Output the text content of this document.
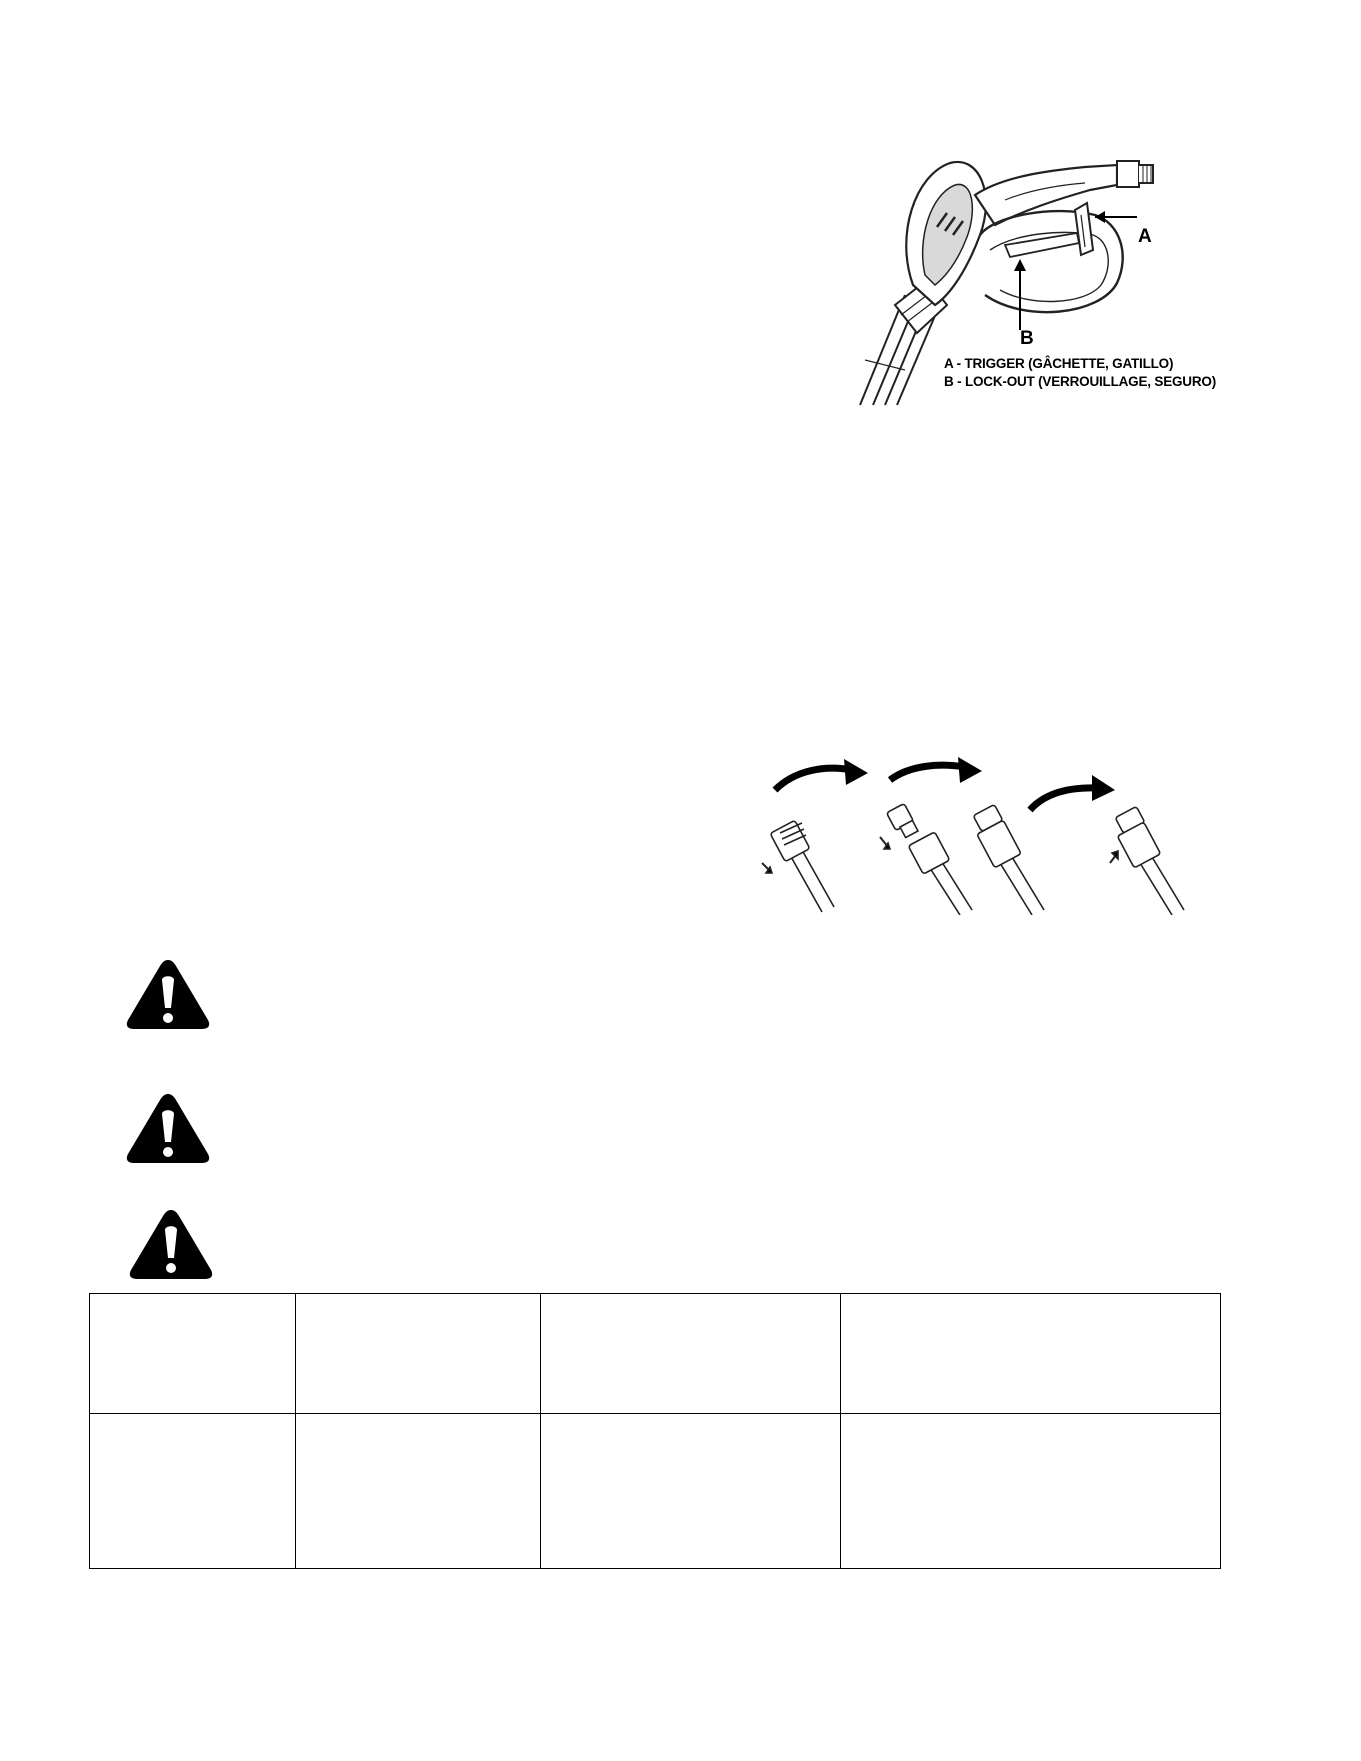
A
B
A - TRIGGER (GÂCHETTE, GATILLO)
B - LOCK-OUT (VERROUILLAGE, SEGURO)
